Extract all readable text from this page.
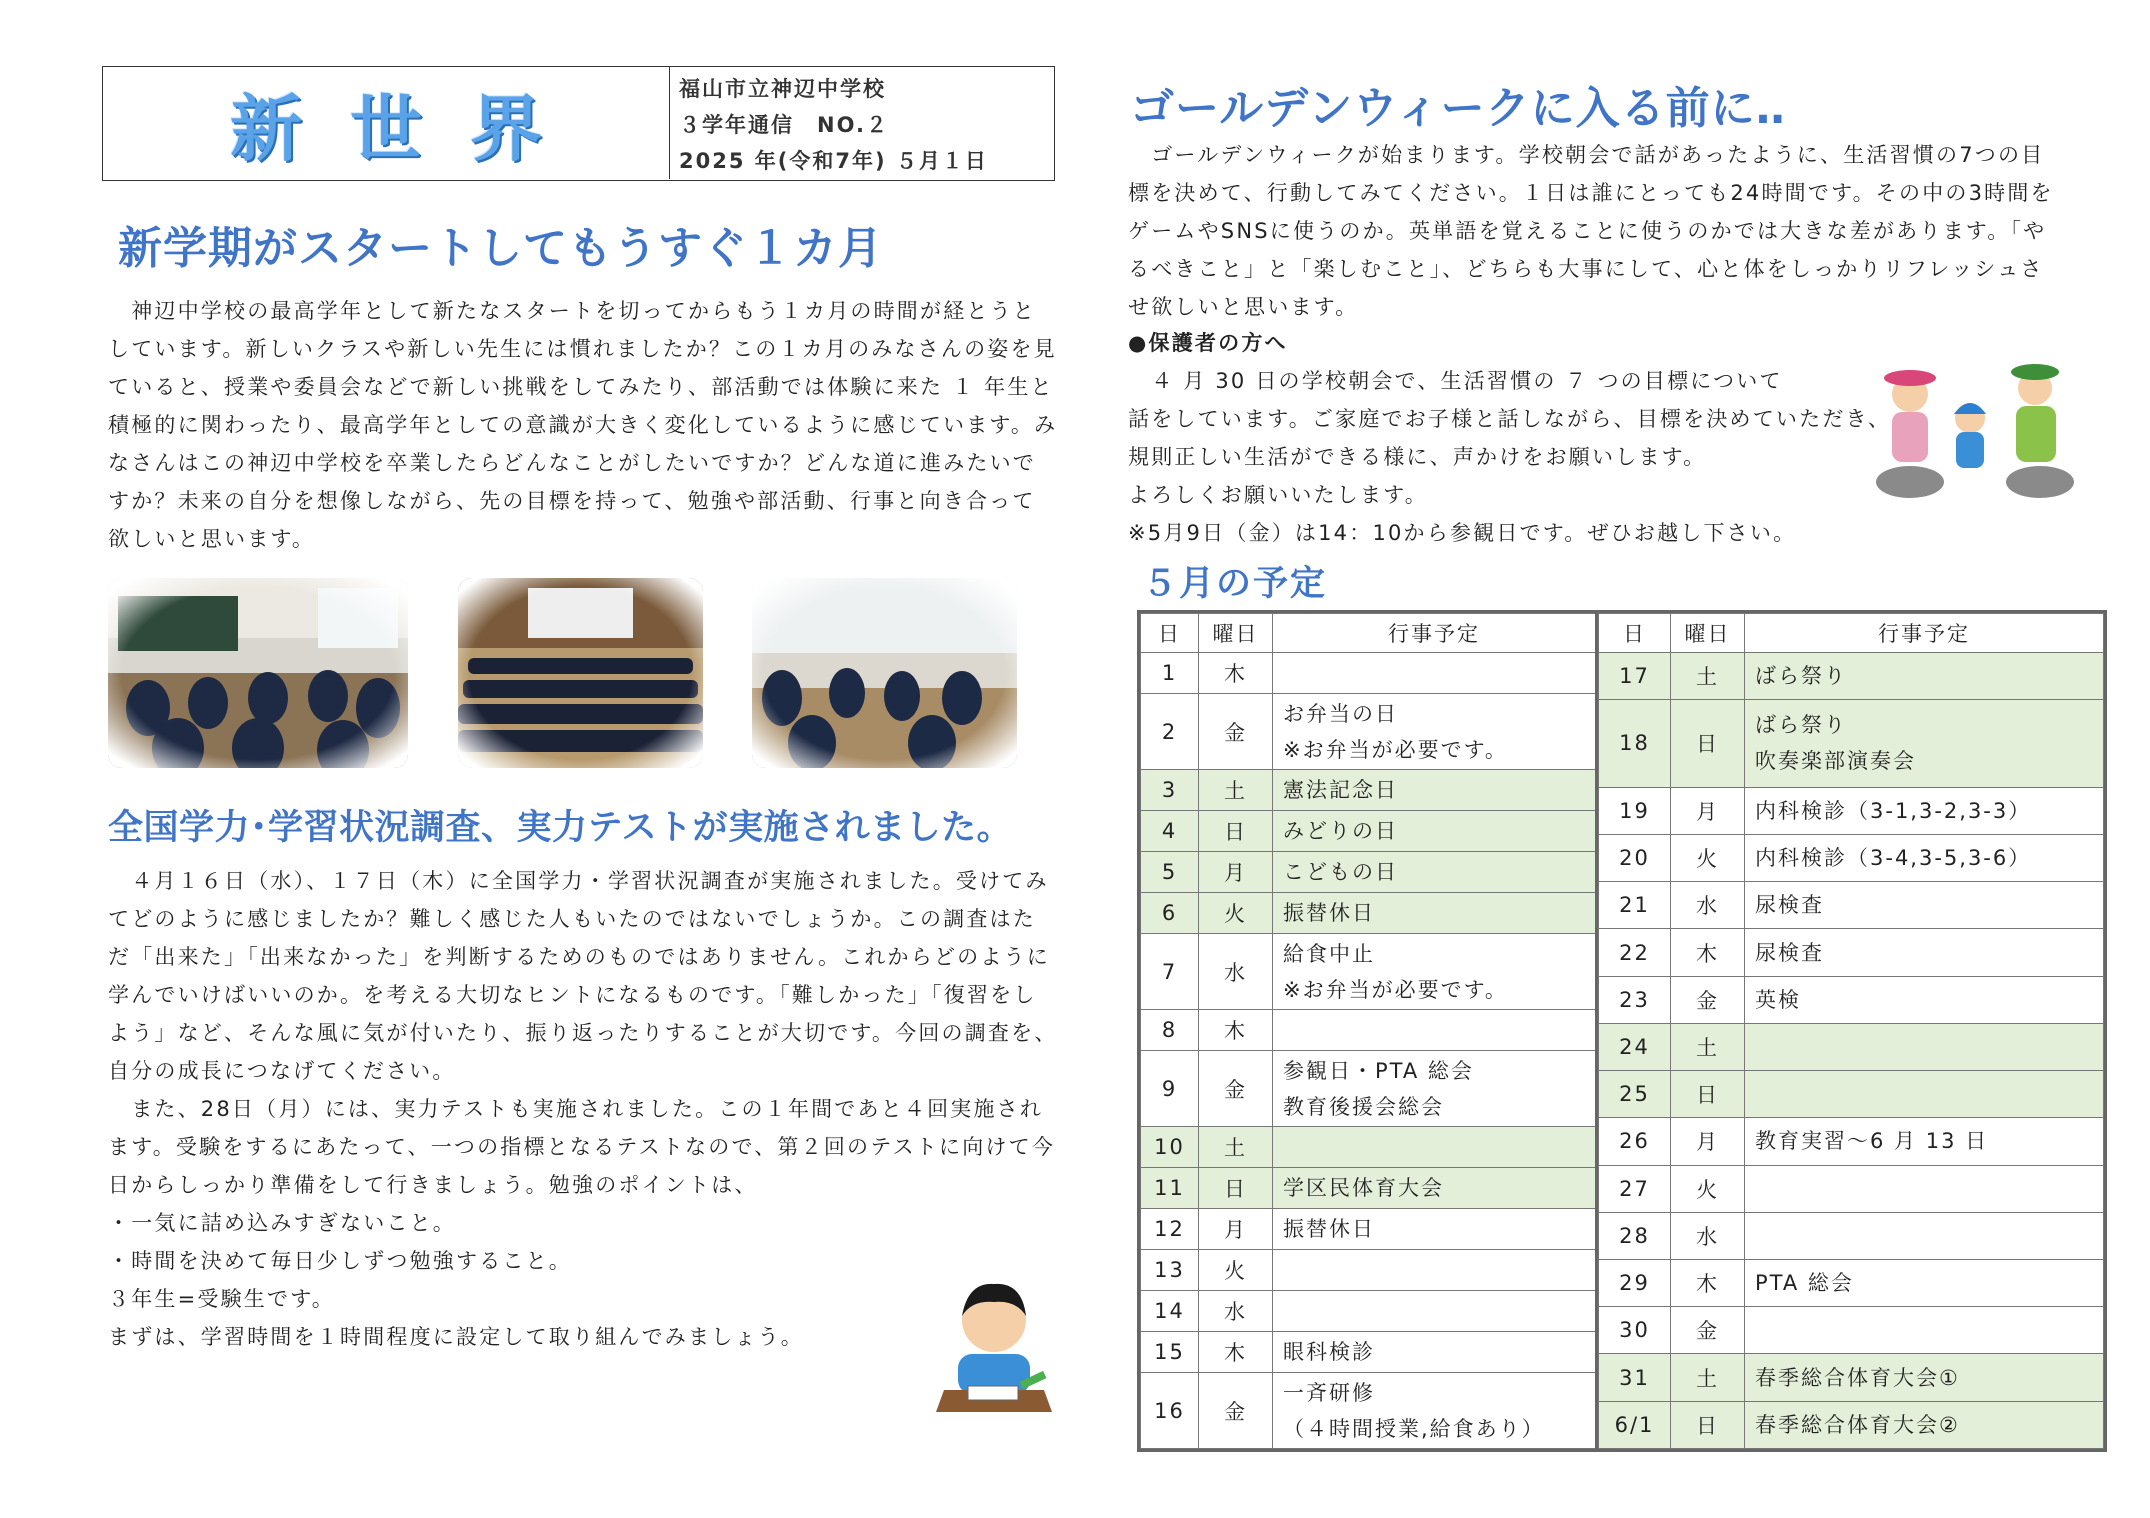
新世界	福山市立神辺中学校
３学年通信　NO.２
2025 年(令和7年) ５月１日
新学期がスタートしてもうすぐ１カ月
　神辺中学校の最高学年として新たなスタートを切ってからもう１カ月の時間が経とうとしています。新しいクラスや新しい先生には慣れましたか？この１カ月のみなさんの姿を見ていると、授業や委員会などで新しい挑戦をしてみたり、部活動では体験に来た １ 年生と積極的に関わったり、最高学年としての意識が大きく変化しているように感じています。みなさんはこの神辺中学校を卒業したらどんなことがしたいですか？どんな道に進みたいですか？未来の自分を想像しながら、先の目標を持って、勉強や部活動、行事と向き合って欲しいと思います。
全国学力･学習状況調査、実力テストが実施されました。
　４月１６日（水）、１７日（木）に全国学力・学習状況調査が実施されました。受けてみてどのように感じましたか？難しく感じた人もいたのではないでしょうか。この調査はただ「出来た」「出来なかった」を判断するためのものではありません。これからどのように学んでいけばいいのか。を考える大切なヒントになるものです。「難しかった」「復習をしよう」など、そんな風に気が付いたり、振り返ったりすることが大切です。今回の調査を、自分の成長につなげてください。
　また、28日（月）には、実力テストも実施されました。この１年間であと４回実施されます。受験をするにあたって、一つの指標となるテストなので、第２回のテストに向けて今日からしっかり準備をして行きましょう。勉強のポイントは、
・一気に詰め込みすぎないこと。
・時間を決めて毎日少しずつ勉強すること。
３年生=受験生です。
まずは、学習時間を１時間程度に設定して取り組んでみましょう。
ゴールデンウィークに入る前に‥
　ゴールデンウィークが始まります。学校朝会で話があったように、生活習慣の7つの目標を決めて、行動してみてください。１日は誰にとっても24時間です。その中の3時間をゲームやSNSに使うのか。英単語を覚えることに使うのかでは大きな差があります。「やるべきこと」と「楽しむこと」、どちらも大事にして、心と体をしっかりリフレッシュさせ欲しいと思います。
●保護者の方へ
　４ 月 30 日の学校朝会で、生活習慣の ７ つの目標について
話をしています。ご家庭でお子様と話しながら、目標を決めていただき、
規則正しい生活ができる様に、声かけをお願いします。
よろしくお願いいたします。
※5月9日（金）は14：10から参観日です。ぜひお越し下さい。
５月の予定
日	曜日	行事予定
1	木	

2	金	お弁当の日
※お弁当が必要です。

3	土	憲法記念日

4	日	みどりの日

5	月	こどもの日

6	火	振替休日

7	水	給食中止
※お弁当が必要です。

8	木	

9	金	参観日・PTA 総会
教育後援会総会

10	土	

11	日	学区民体育大会

12	月	振替休日

13	火	

14	水	

15	木	眼科検診

16	金	一斉研修
（４時間授業,給食あり）
日	曜日	行事予定
17	土	ばら祭り

18	日	ばら祭り
吹奏楽部演奏会

19	月	内科検診（3-1,3-2,3-3）

20	火	内科検診（3-4,3-5,3-6）

21	水	尿検査

22	木	尿検査

23	金	英検

24	土	

25	日	

26	月	教育実習～6 月 13 日

27	火	

28	水	

29	木	PTA 総会

30	金	

31	土	春季総合体育大会①

6/1	日	春季総合体育大会②
